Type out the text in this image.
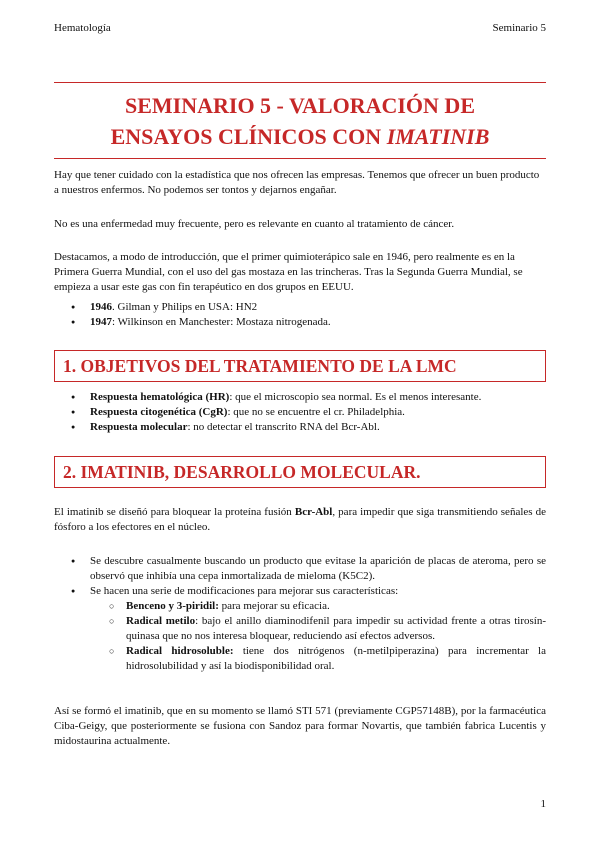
Hematología	Seminario 5
SEMINARIO 5 - VALORACIÓN DE
ENSAYOS CLÍNICOS CON IMATINIB
Hay que tener cuidado con la estadística que nos ofrecen las empresas. Tenemos que ofrecer un buen producto a nuestros enfermos. No podemos ser tontos y dejarnos engañar.
No es una enfermedad muy frecuente, pero es relevante en cuanto al tratamiento de cáncer.
Destacamos, a modo de introducción, que el primer quimioterápico sale en 1946, pero realmente es en la Primera Guerra Mundial, con el uso del gas mostaza en las trincheras. Tras la Segunda Guerra Mundial, se empieza a usar este gas con fin terapéutico en dos grupos en EEUU.
● 1946. Gilman y Philips en USA: HN2
● 1947: Wilkinson en Manchester: Mostaza nitrogenada.
1. OBJETIVOS DEL TRATAMIENTO DE LA LMC
● Respuesta hematológica (HR): que el microscopio sea normal. Es el menos interesante.
● Respuesta citogenética (CgR): que no se encuentre el cr. Philadelphia.
● Respuesta molecular: no detectar el transcrito RNA del Bcr-Abl.
2. IMATINIB, DESARROLLO MOLECULAR.
El imatinib se diseñó para bloquear la proteína fusión Bcr-Abl, para impedir que siga transmitiendo señales de fósforo a los efectores en el núcleo.
● Se descubre casualmente buscando un producto que evitase la aparición de placas de ateroma, pero se observó que inhibía una cepa inmortalizada de mieloma (K5C2).
● Se hacen una serie de modificaciones para mejorar sus características:
○ Benceno y 3-piridil: para mejorar su eficacia.
○ Radical metilo: bajo el anillo diaminodifenil para impedir su actividad frente a otras tirosín-quinasa que no nos interesa bloquear, reduciendo así efectos adversos.
○ Radical hidrosoluble: tiene dos nitrógenos (n-metilpiperazina) para incrementar la hidrosolubilidad y así la biodisponibilidad oral.
Así se formó el imatinib, que en su momento se llamó STI 571 (previamente CGP57148B), por la farmacéutica Ciba-Geigy, que posteriormente se fusiona con Sandoz para formar Novartis, que también fabrica Lucentis y midostaurina actualmente.
1
